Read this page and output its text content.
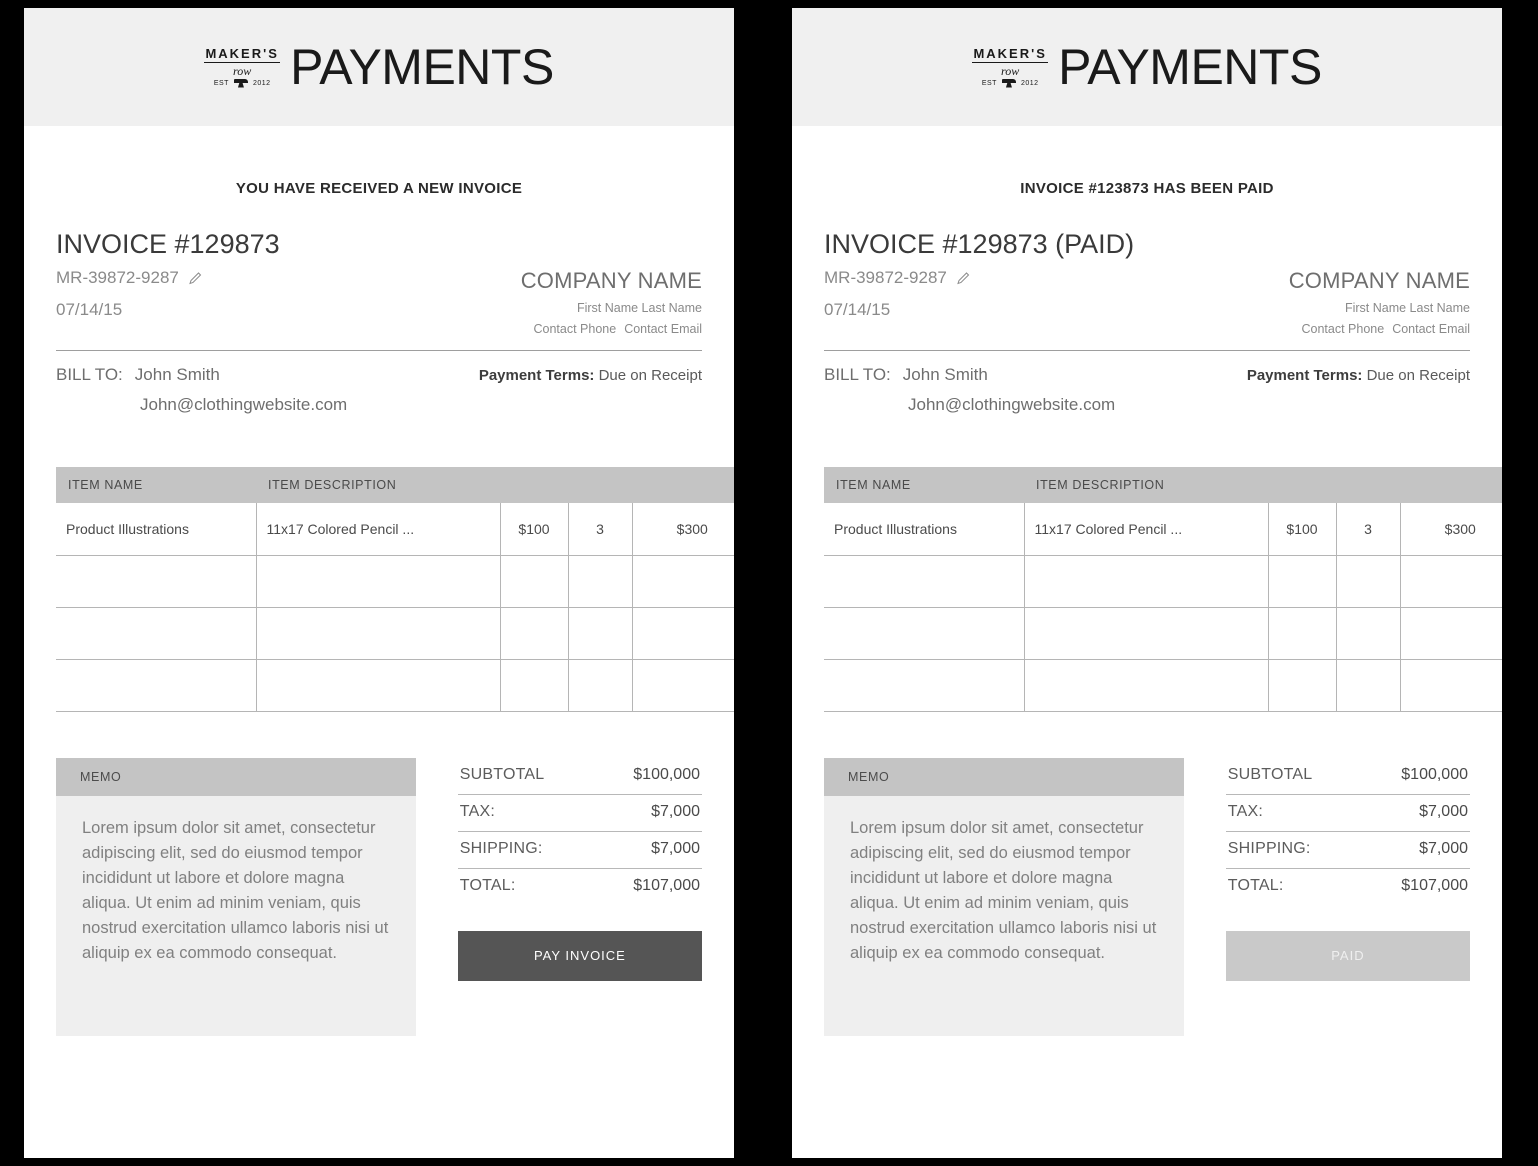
MAKER'S
row
EST	2012 PAYMENTS
YOU HAVE RECEIVED A NEW INVOICE
INVOICE #129873
MR-39872-9287
07/14/15
COMPANY NAME
First Name Last Name
Contact Phone Contact Email
BILL TO: John Smith
John@clothingwebsite.com
Payment Terms: Due on Receipt
ITEM NAME	ITEM DESCRIPTION			
Product Illustrations	11x17 Colored Pencil ...	$100	3	$300

MEMO
Lorem ipsum dolor sit amet, consectetur adipiscing elit, sed do eiusmod tempor incididunt ut labore et dolore magna aliqua. Ut enim ad minim veniam, quis nostrud exercitation ullamco laboris nisi ut aliquip ex ea commodo consequat.
SUBTOTAL	$100,000
TAX:	$7,000
SHIPPING:	$7,000
TOTAL:	$107,000
PAY INVOICE
MAKER'S
row
EST	2012 PAYMENTS
INVOICE #123873 HAS BEEN PAID
INVOICE #129873 (PAID)
MR-39872-9287
07/14/15
COMPANY NAME
First Name Last Name
Contact Phone Contact Email
BILL TO: John Smith
John@clothingwebsite.com
Payment Terms: Due on Receipt
ITEM NAME	ITEM DESCRIPTION			
Product Illustrations	11x17 Colored Pencil ...	$100	3	$300

MEMO
Lorem ipsum dolor sit amet, consectetur adipiscing elit, sed do eiusmod tempor incididunt ut labore et dolore magna aliqua. Ut enim ad minim veniam, quis nostrud exercitation ullamco laboris nisi ut aliquip ex ea commodo consequat.
SUBTOTAL	$100,000
TAX:	$7,000
SHIPPING:	$7,000
TOTAL:	$107,000
PAID
